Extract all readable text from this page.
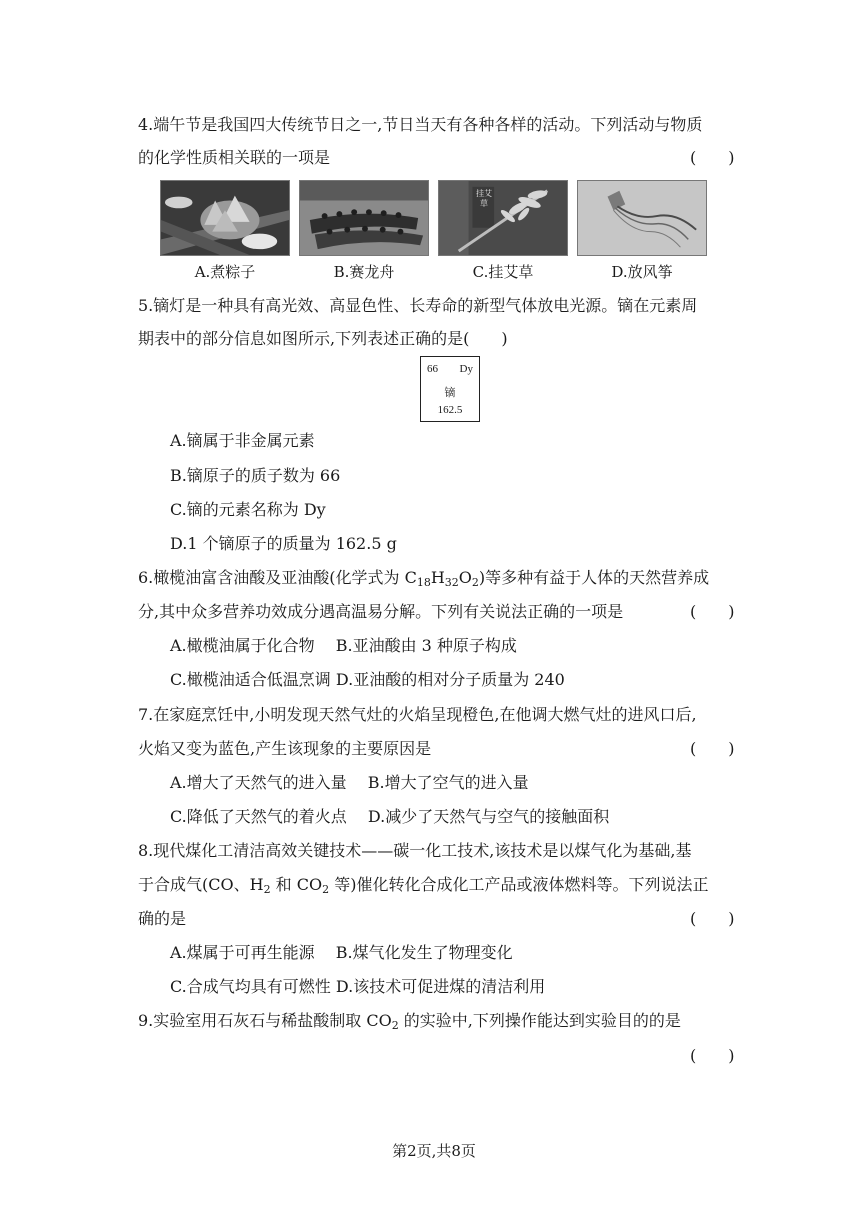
4.端午节是我国四大传统节日之一,节日当天有各种各样的活动。下列活动与物质
的化学性质相关联的一项是	(　　)
挂艾草
A.煮粽子	B.赛龙舟	C.挂艾草	D.放风筝
5.镝灯是一种具有高光效、高显色性、长寿命的新型气体放电光源。镝在元素周
期表中的部分信息如图所示,下列表述正确的是(　　)
66 Dy
镝
162.5
A.镝属于非金属元素
B.镝原子的质子数为 66
C.镝的元素名称为 Dy
D.1 个镝原子的质量为 162.5 g
6.橄榄油富含油酸及亚油酸(化学式为 $C_{18}H_{32}O_2$)等多种有益于人体的天然营养成
分,其中众多营养功效成分遇高温易分解。下列有关说法正确的一项是	(　　)
A.橄榄油属于化合物　 B.亚油酸由 3 种原子构成
C.橄榄油适合低温烹调 D.亚油酸的相对分子质量为 240
7.在家庭烹饪中,小明发现天然气灶的火焰呈现橙色,在他调大燃气灶的进风口后,
火焰又变为蓝色,产生该现象的主要原因是	(　　)
A.增大了天然气的进入量　 B.增大了空气的进入量
C.降低了天然气的着火点　 D.减少了天然气与空气的接触面积
8.现代煤化工清洁高效关键技术——碳一化工技术,该技术是以煤气化为基础,基
于合成气(CO、$H_2$ 和 $CO_2$ 等)催化转化合成化工产品或液体燃料等。下列说法正
确的是	(　　)
A.煤属于可再生能源　 B.煤气化发生了物理变化
C.合成气均具有可燃性 D.该技术可促进煤的清洁利用
9.实验室用石灰石与稀盐酸制取 $CO_2$ 的实验中,下列操作能达到实验目的的是
(　　)
第2页,共8页
